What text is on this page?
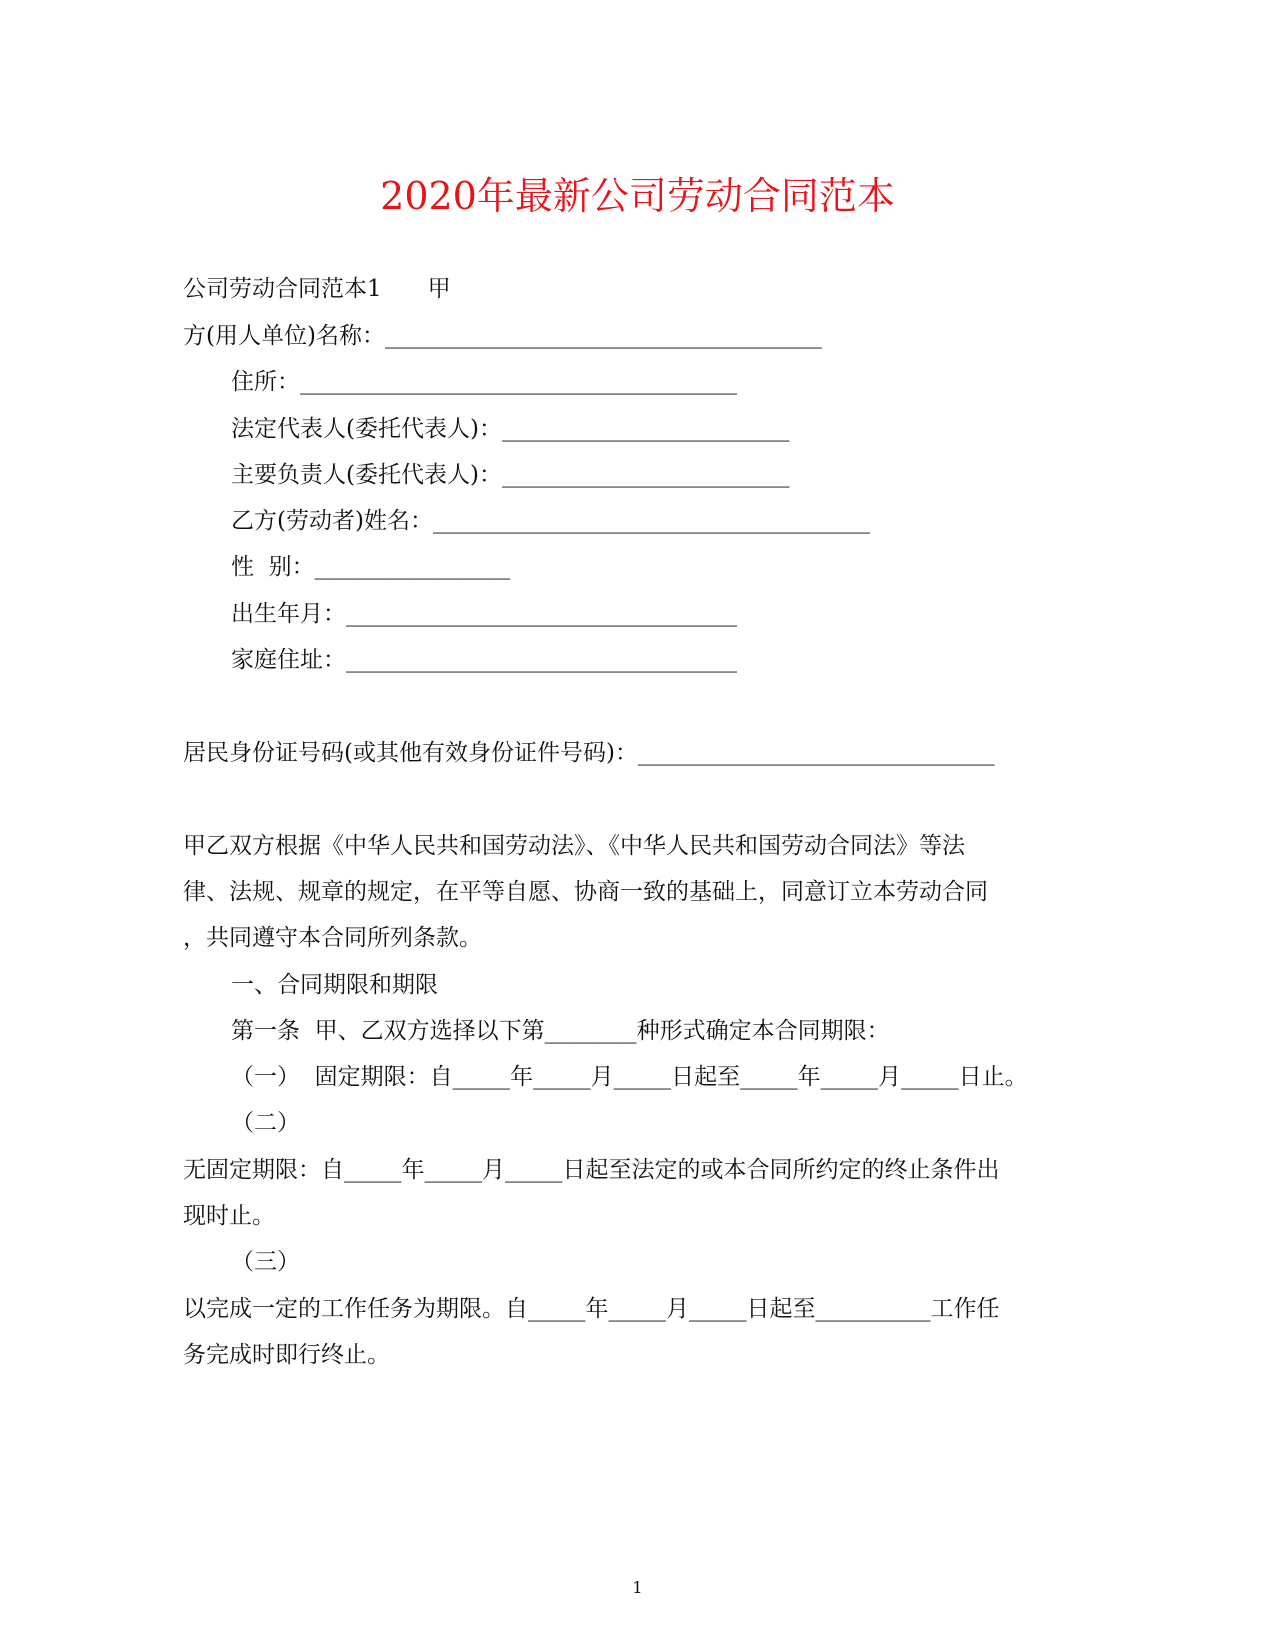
2020年最新公司劳动合同范本

公司劳动合同范本1　　甲

方(用人单位)名称：______________________________________

住所：______________________________________

法定代表人(委托代表人)：_________________________

主要负责人(委托代表人)：_________________________

乙方(劳动者)姓名：______________________________________

性  别：_________________

出生年月：__________________________________

家庭住址：__________________________________

居民身份证号码(或其他有效身份证件号码)：_______________________________

甲乙双方根据《中华人民共和国劳动法》、《中华人民共和国劳动合同法》等法

律、法规、规章的规定，在平等自愿、协商一致的基础上，同意订立本劳动合同

，共同遵守本合同所列条款。

一、合同期限和期限

第一条  甲、乙双方选择以下第________种形式确定本合同期限：

（一）  固定期限：自_____年_____月_____日起至_____年_____月_____日止。

（二）

无固定期限：自_____年_____月_____日起至法定的或本合同所约定的终止条件出

现时止。

（三）

以完成一定的工作任务为期限。自_____年_____月_____日起至__________工作任

务完成时即行终止。

1
